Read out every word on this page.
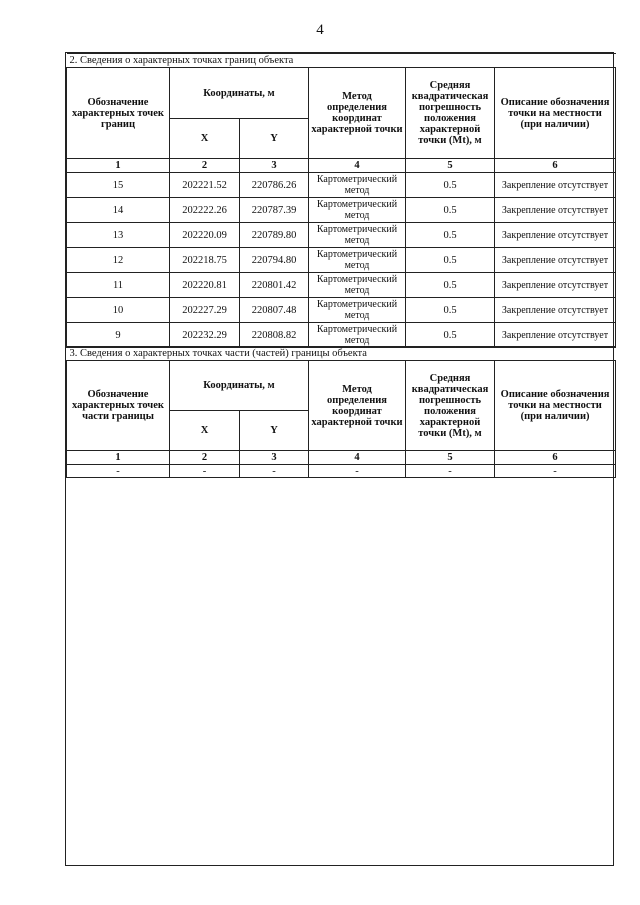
4
2. Сведения о характерных точках границ объекта					
Обозначение характерных точек границ	Координаты, м		Метод определения координат характерной точки	Средняя квадратическая погрешность положения характерной точки (Mt), м	Описание обозначения точки на местности (при наличии)
	X	Y			
1	2	3	4	5	6
15	202221.52	220786.26	Картометрический метод	0.5	Закрепление отсутствует
14	202222.26	220787.39	Картометрический метод	0.5	Закрепление отсутствует
13	202220.09	220789.80	Картометрический метод	0.5	Закрепление отсутствует
12	202218.75	220794.80	Картометрический метод	0.5	Закрепление отсутствует
11	202220.81	220801.42	Картометрический метод	0.5	Закрепление отсутствует
10	202227.29	220807.48	Картометрический метод	0.5	Закрепление отсутствует
9	202232.29	220808.82	Картометрический метод	0.5	Закрепление отсутствует
3. Сведения о характерных точках части (частей) границы объекта					
Обозначение характерных точек части границы	Координаты, м		Метод определения координат характерной точки	Средняя квадратическая погрешность положения характерной точки (Mt), м	Описание обозначения точки на местности (при наличии)
	X	Y			
1	2	3	4	5	6
-	-	-	-	-	-
